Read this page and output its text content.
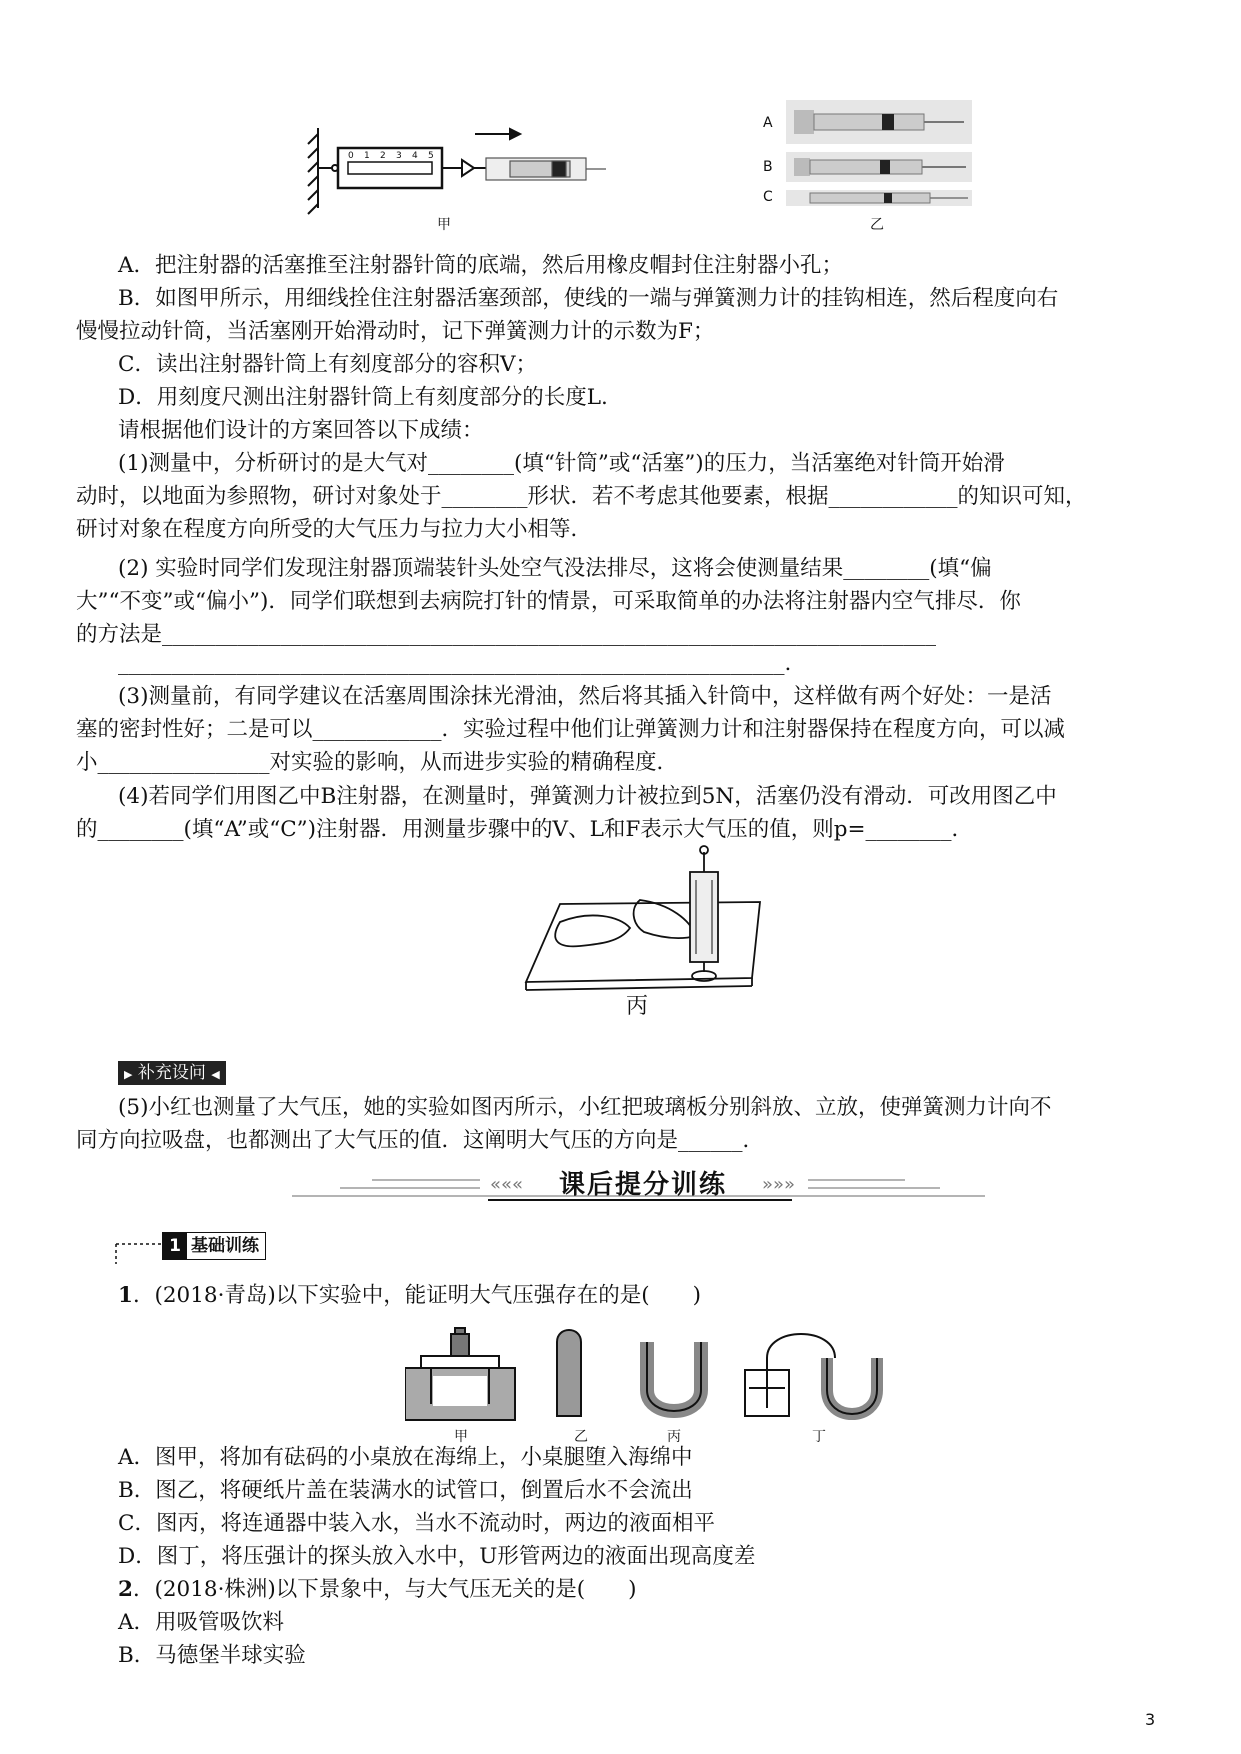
0 1 2 3 4 5
甲
A
B
C
乙
A．把注射器的活塞推至注射器针筒的底端，然后用橡皮帽封住注射器小孔；
B．如图甲所示，用细线拴住注射器活塞颈部，使线的一端与弹簧测力计的挂钩相连，然后程度向右
慢慢拉动针筒，当活塞刚开始滑动时，记下弹簧测力计的示数为F；
C．读出注射器针筒上有刻度部分的容积V；
D．用刻度尺测出注射器针筒上有刻度部分的长度L.
请根据他们设计的方案回答以下成绩：
(1)测量中，分析研讨的是大气对________(填“针筒”或“活塞”)的压力，当活塞绝对针筒开始滑
动时，以地面为参照物，研讨对象处于________形状．若不考虑其他要素，根据____________的知识可知，
研讨对象在程度方向所受的大气压力与拉力大小相等．
(2) 实验时同学们发现注射器顶端装针头处空气没法排尽，这将会使测量结果________(填“偏
大”“不变”或“偏小”)．同学们联想到去病院打针的情景，可采取简单的办法将注射器内空气排尽．你
的方法是________________________________________________________________________
______________________________________________________________.
(3)测量前，有同学建议在活塞周围涂抹光滑油，然后将其插入针筒中，这样做有两个好处：一是活
塞的密封性好；二是可以____________．实验过程中他们让弹簧测力计和注射器保持在程度方向，可以减
小________________对实验的影响，从而进步实验的精确程度．
(4)若同学们用图乙中B注射器，在测量时，弹簧测力计被拉到5N，活塞仍没有滑动．可改用图乙中
的________(填“A”或“C”)注射器．用测量步骤中的V、L和F表示大气压的值，则p=________．
丙
▶ 补充设问 ◀
(5)小红也测量了大气压，她的实验如图丙所示，小红把玻璃板分别斜放、立放，使弹簧测力计向不
同方向拉吸盘，也都测出了大气压的值．这阐明大气压的方向是______．
«««	»»»
课后提分训练
1 基础训练
1．(2018·青岛)以下实验中，能证明大气压强存在的是(　　)
甲	乙	丙	丁
A．图甲，将加有砝码的小桌放在海绵上，小桌腿堕入海绵中
B．图乙，将硬纸片盖在装满水的试管口，倒置后水不会流出
C．图丙，将连通器中装入水，当水不流动时，两边的液面相平
D．图丁，将压强计的探头放入水中，U形管两边的液面出现高度差
2．(2018·株洲)以下景象中，与大气压无关的是(　　)
A．用吸管吸饮料
B．马德堡半球实验
3
